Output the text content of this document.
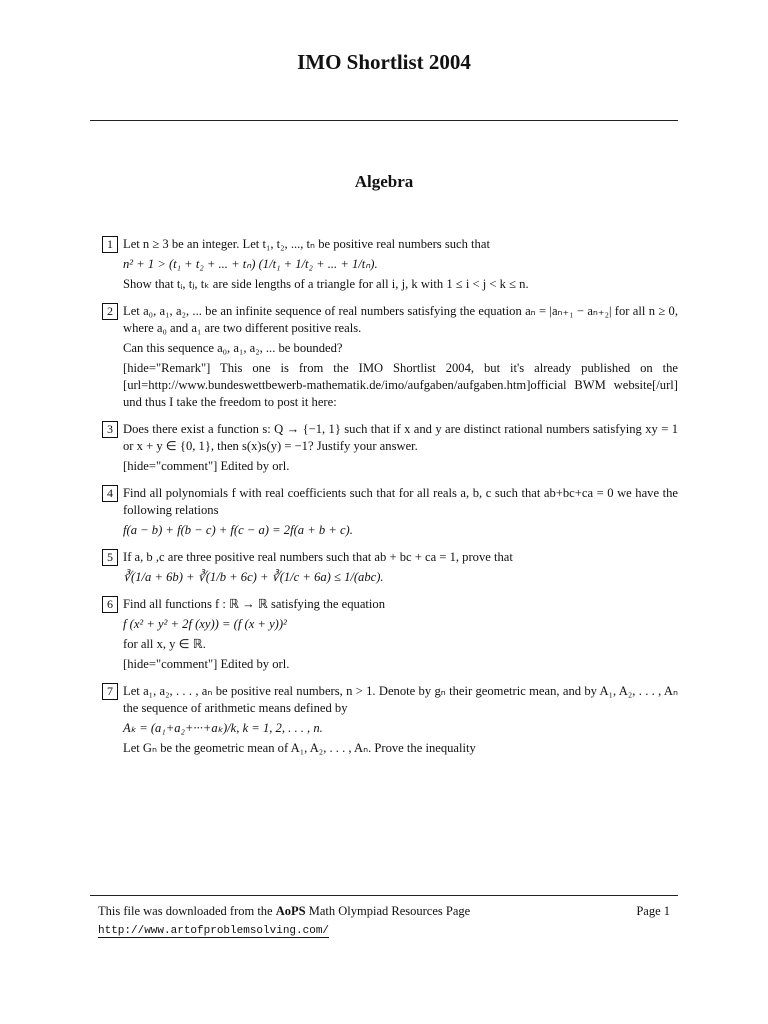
IMO Shortlist 2004
Algebra
1 Let n ≥ 3 be an integer. Let t₁, t₂, ..., tₙ be positive real numbers such that

n² + 1 > (t₁ + t₂ + ... + tₙ) (1/t₁ + 1/t₂ + ... + 1/tₙ).

Show that tᵢ, tⱼ, tₖ are side lengths of a triangle for all i, j, k with 1 ≤ i < j < k ≤ n.

2 Let a₀, a₁, a₂, ... be an infinite sequence of real numbers satisfying the equation aₙ = |aₙ₊₁ − aₙ₊₂| for all n ≥ 0, where a₀ and a₁ are two different positive reals.

Can this sequence a₀, a₁, a₂, ... be bounded?

[hide="Remark"] This one is from the IMO Shortlist 2004, but it's already published on the [url=http://www.bundeswettbewerb-mathematik.de/imo/aufgaben/aufgaben.htm]official BWM website[/url] und thus I take the freedom to post it here:

3 Does there exist a function s: Q → {−1, 1} such that if x and y are distinct rational numbers satisfying xy = 1 or x + y ∈ {0, 1}, then s(x)s(y) = −1? Justify your answer.

[hide="comment"] Edited by orl.

4 Find all polynomials f with real coefficients such that for all reals a, b, c such that ab+bc+ca = 0 we have the following relations

f(a − b) + f(b − c) + f(c − a) = 2f(a + b + c).

5 If a, b ,c are three positive real numbers such that ab + bc + ca = 1, prove that

∛(1/a + 6b) + ∛(1/b + 6c) + ∛(1/c + 6a) ≤ 1/(abc).

6 Find all functions f : ℝ → ℝ satisfying the equation

f (x² + y² + 2f (xy)) = (f (x + y))²

for all x, y ∈ ℝ.

[hide="comment"] Edited by orl.

7 Let a₁, a₂, . . . , aₙ be positive real numbers, n > 1. Denote by gₙ their geometric mean, and by A₁, A₂, . . . , Aₙ the sequence of arithmetic means defined by

Aₖ = (a₁+a₂+···+aₖ)/k, k = 1, 2, . . . , n.

Let Gₙ be the geometric mean of A₁, A₂, . . . , Aₙ. Prove the inequality

This file was downloaded from the AoPS Math Olympiad Resources Page
http://www.artofproblemsolving.com/
Page 1
